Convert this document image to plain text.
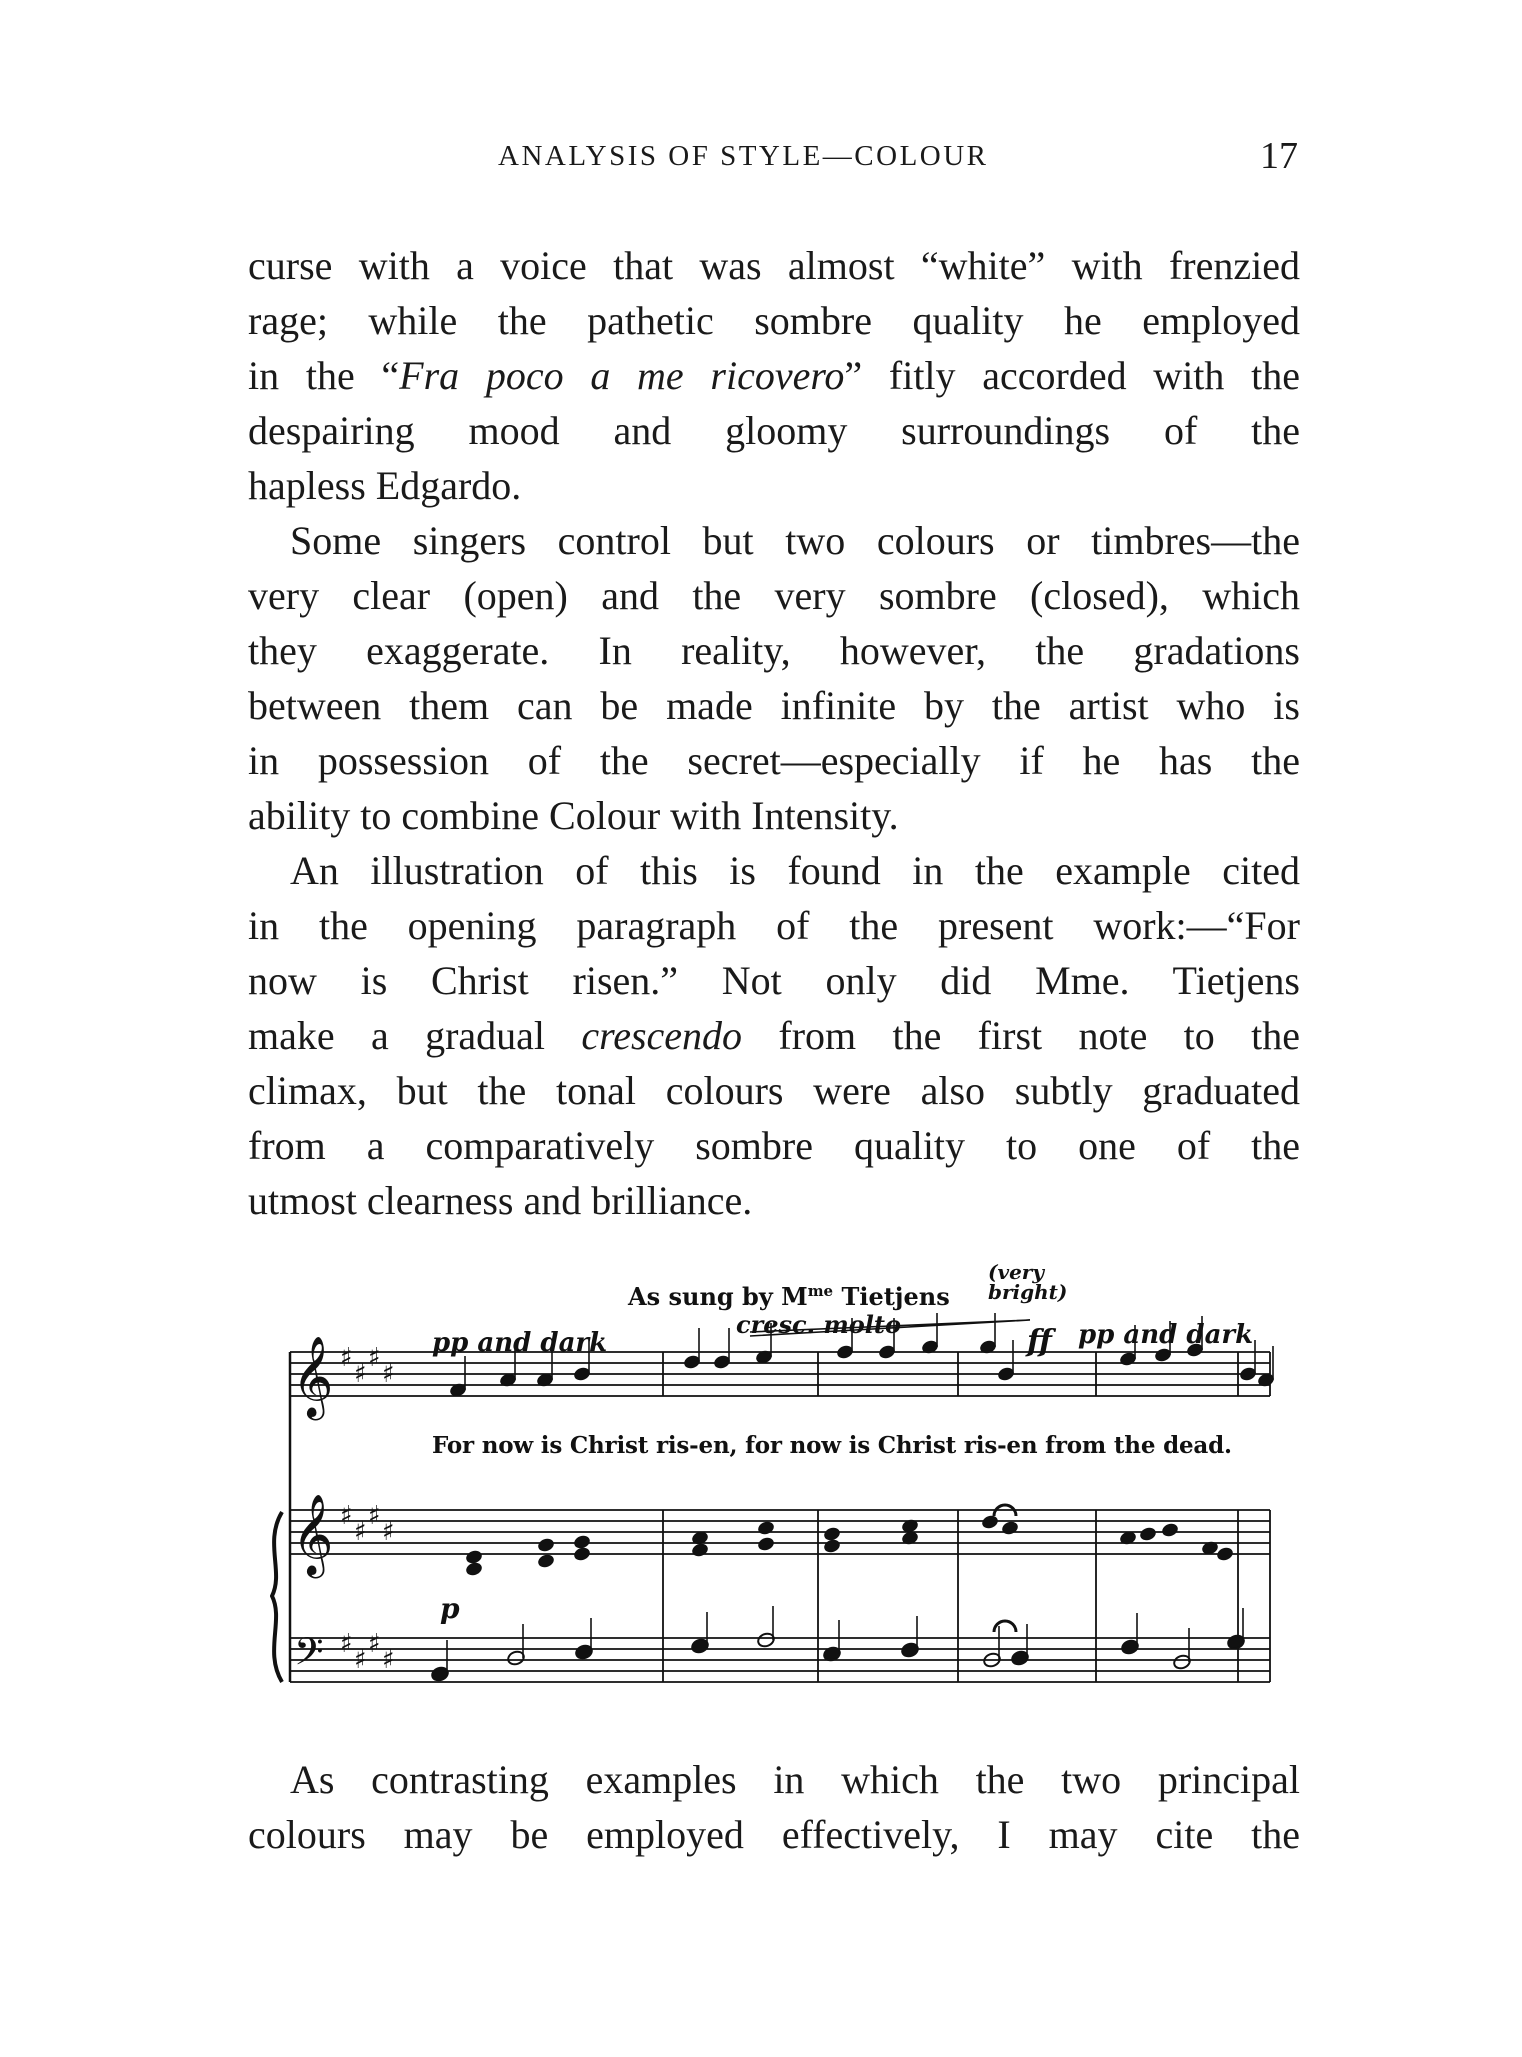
ANALYSIS OF STYLE—COLOUR	17

curse with a voice that was almost “white” with frenzied

rage; while the pathetic sombre quality he employed

in the “Fra poco a me ricovero” fitly accorded with the

despairing mood and gloomy surroundings of the

hapless Edgardo.

Some singers control but two colours or timbres—the

very clear (open) and the very sombre (closed), which

they exaggerate. In reality, however, the gradations

between them can be made infinite by the artist who is

in possession of the secret—especially if he has the

ability to combine Colour with Intensity.

An illustration of this is found in the example cited

in the opening paragraph of the present work:—“For

now is Christ risen.” Not only did Mme. Tietjens

make a gradual crescendo from the first note to the

climax, but the tonal colours were also subtly graduated

from a comparatively sombre quality to one of the

utmost clearness and brilliance.

𝄞
𝄞
𝄢
♯
♯
♯
♯
♯
♯
♯
♯
♯
♯
♯
♯
As sung by $M^{me}$ Tietjens
pp and dark
cresc. molto
(very
bright)
ff pp and dark
For now is Christ ris-en, for now is Christ ris-en from the dead.
p

As contrasting examples in which the two principal

colours may be employed effectively, I may cite the
